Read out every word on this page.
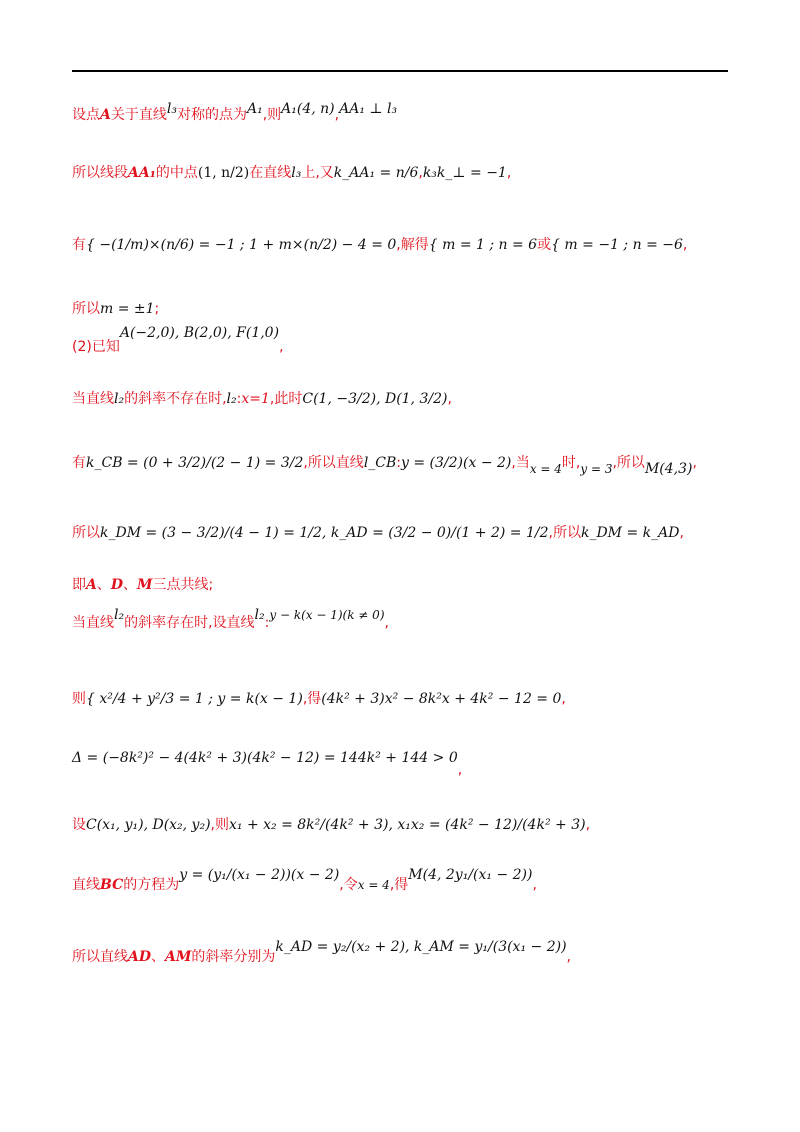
设点A关于直线l₃对称的点为A₁,则A₁(4, n),AA₁ ⊥ l₃
所以线段AA₁的中点(1, n/2)在直线l₃上,又k_AA₁ = n/6,k₃k_⊥ = −1,
有{ −(1/m)×(n/6) = −1 ; 1 + m×(n/2) − 4 = 0,解得{ m = 1 ; n = 6或{ m = −1 ; n = −6,
所以m = ±1;
(2)已知A(−2,0), B(2,0), F(1,0),
当直线l₂的斜率不存在时,l₂:x=1,此时C(1, −3/2), D(1, 3/2),
有k_CB = (0 + 3/2)/(2 − 1) = 3/2,所以直线l_CB:y = (3/2)(x − 2),当x = 4时,y = 3,所以M(4,3),
所以k_DM = (3 − 3/2)/(4 − 1) = 1/2, k_AD = (3/2 − 0)/(1 + 2) = 1/2,所以k_DM = k_AD,
即A、D、M三点共线;
当直线l₂的斜率存在时,设直线l₂:y − k(x − 1)(k ≠ 0),
则{ x²/4 + y²/3 = 1 ; y = k(x − 1),得(4k² + 3)x² − 8k²x + 4k² − 12 = 0,
Δ = (−8k²)² − 4(4k² + 3)(4k² − 12) = 144k² + 144 > 0,
设C(x₁, y₁), D(x₂, y₂),则x₁ + x₂ = 8k²/(4k² + 3), x₁x₂ = (4k² − 12)/(4k² + 3),
直线BC的方程为y = (y₁/(x₁ − 2))(x − 2),令x = 4,得M(4, 2y₁/(x₁ − 2)),
所以直线AD、AM的斜率分别为k_AD = y₂/(x₂ + 2), k_AM = y₁/(3(x₁ − 2)),
